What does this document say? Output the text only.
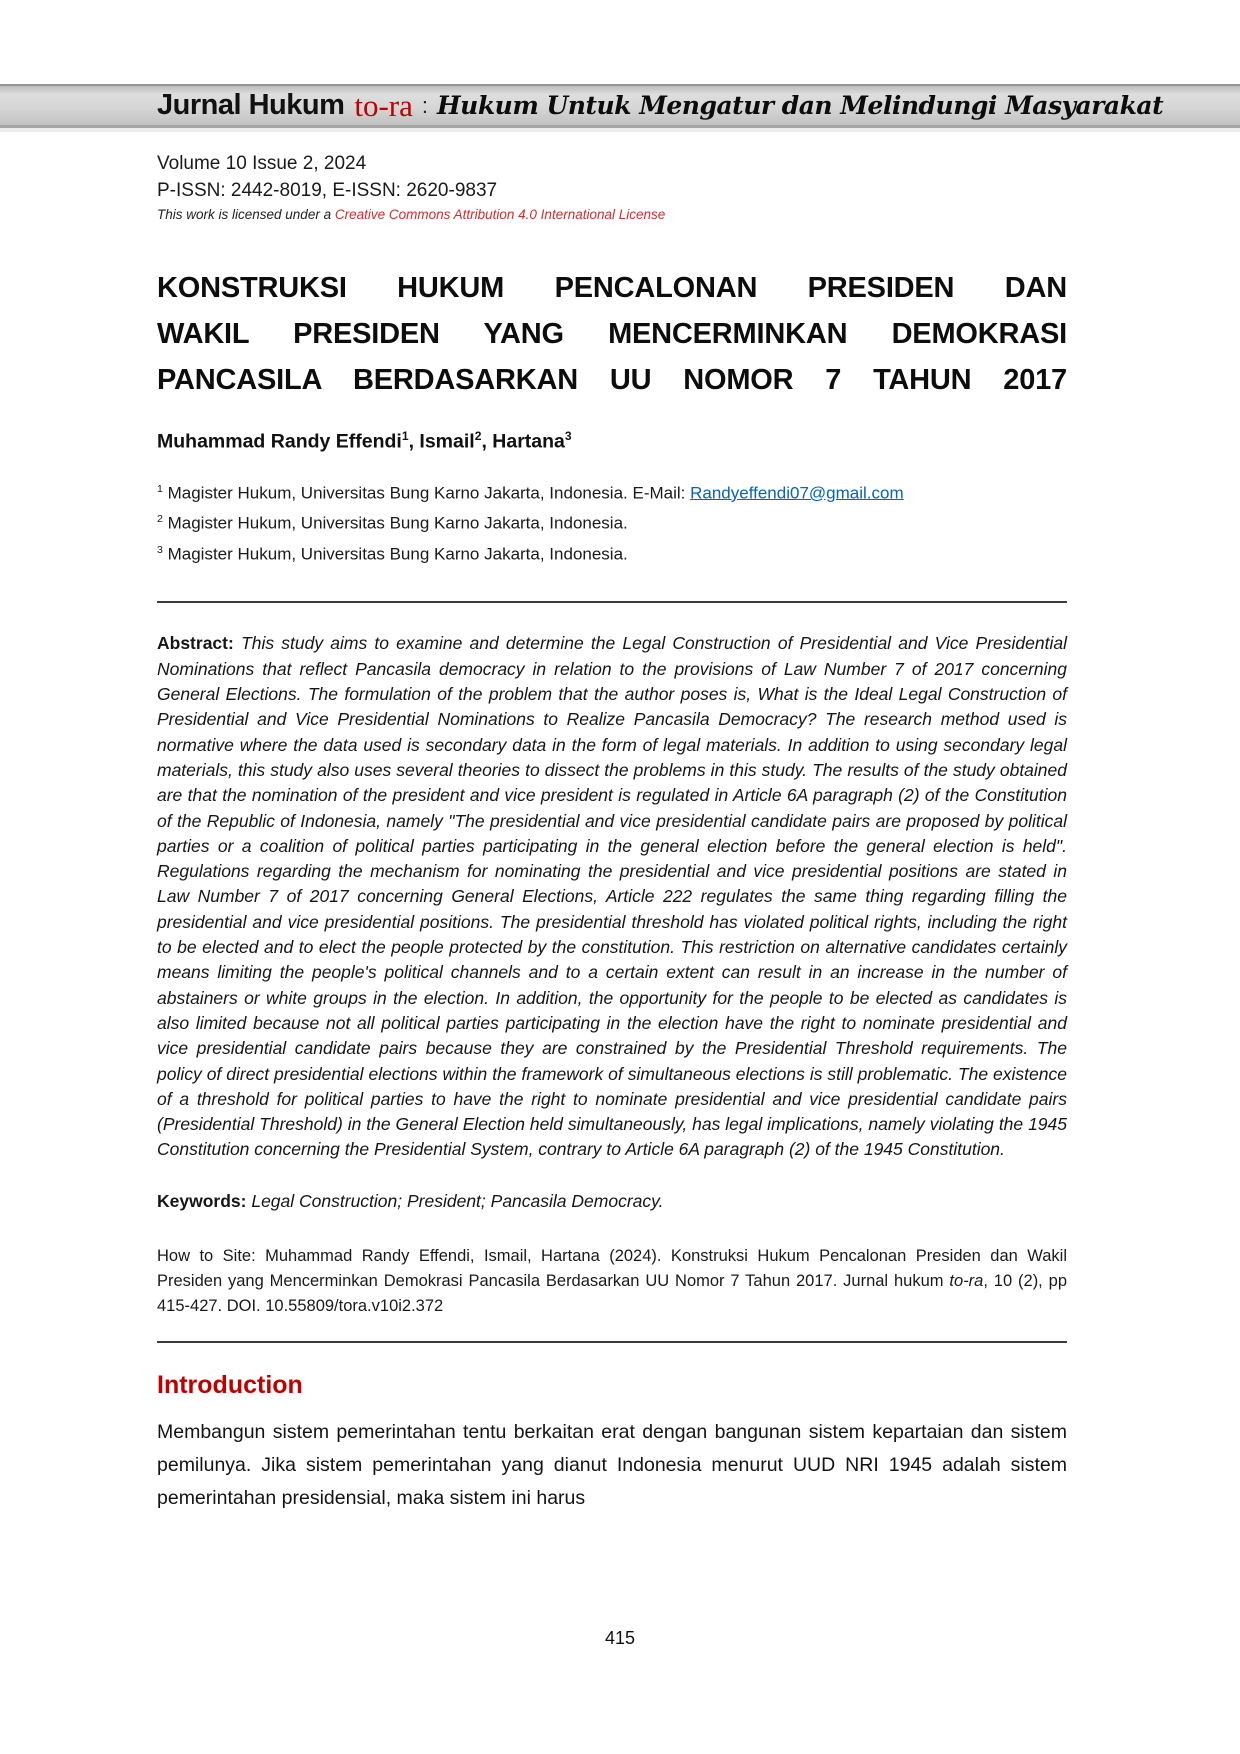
Jurnal Hukum to-ra : Hukum Untuk Mengatur dan Melindungi Masyarakat
Volume 10 Issue 2, 2024
P-ISSN: 2442-8019, E-ISSN: 2620-9837
This work is licensed under a Creative Commons Attribution 4.0 International License
KONSTRUKSI HUKUM PENCALONAN PRESIDEN DAN
WAKIL PRESIDEN YANG MENCERMINKAN DEMOKRASI
PANCASILA BERDASARKAN UU NOMOR 7 TAHUN 2017
Muhammad Randy Effendi$^1$, Ismail$^2$, Hartana$^3$
$^1$ Magister Hukum, Universitas Bung Karno Jakarta, Indonesia. E-Mail: Randyeffendi07@gmail.com
$^2$ Magister Hukum, Universitas Bung Karno Jakarta, Indonesia.
$^3$ Magister Hukum, Universitas Bung Karno Jakarta, Indonesia.

Abstract: This study aims to examine and determine the Legal Construction of Presidential and Vice Presidential Nominations that reflect Pancasila democracy in relation to the provisions of Law Number 7 of 2017 concerning General Elections. The formulation of the problem that the author poses is, What is the Ideal Legal Construction of Presidential and Vice Presidential Nominations to Realize Pancasila Democracy? The research method used is normative where the data used is secondary data in the form of legal materials. In addition to using secondary legal materials, this study also uses several theories to dissect the problems in this study. The results of the study obtained are that the nomination of the president and vice president is regulated in Article 6A paragraph (2) of the Constitution of the Republic of Indonesia, namely "The presidential and vice presidential candidate pairs are proposed by political parties or a coalition of political parties participating in the general election before the general election is held". Regulations regarding the mechanism for nominating the presidential and vice presidential positions are stated in Law Number 7 of 2017 concerning General Elections, Article 222 regulates the same thing regarding filling the presidential and vice presidential positions. The presidential threshold has violated political rights, including the right to be elected and to elect the people protected by the constitution. This restriction on alternative candidates certainly means limiting the people's political channels and to a certain extent can result in an increase in the number of abstainers or white groups in the election. In addition, the opportunity for the people to be elected as candidates is also limited because not all political parties participating in the election have the right to nominate presidential and vice presidential candidate pairs because they are constrained by the Presidential Threshold requirements. The policy of direct presidential elections within the framework of simultaneous elections is still problematic. The existence of a threshold for political parties to have the right to nominate presidential and vice presidential candidate pairs (Presidential Threshold) in the General Election held simultaneously, has legal implications, namely violating the 1945 Constitution concerning the Presidential System, contrary to Article 6A paragraph (2) of the 1945 Constitution.

Keywords: Legal Construction; President; Pancasila Democracy.

How to Site: Muhammad Randy Effendi, Ismail, Hartana (2024). Konstruksi Hukum Pencalonan Presiden dan Wakil Presiden yang Mencerminkan Demokrasi Pancasila Berdasarkan UU Nomor 7 Tahun 2017. Jurnal hukum to-ra, 10 (2), pp 415-427. DOI. 10.55809/tora.v10i2.372

Introduction

Membangun sistem pemerintahan tentu berkaitan erat dengan bangunan sistem kepartaian dan sistem pemilunya. Jika sistem pemerintahan yang dianut Indonesia menurut UUD NRI 1945 adalah sistem pemerintahan presidensial, maka sistem ini harus

415
